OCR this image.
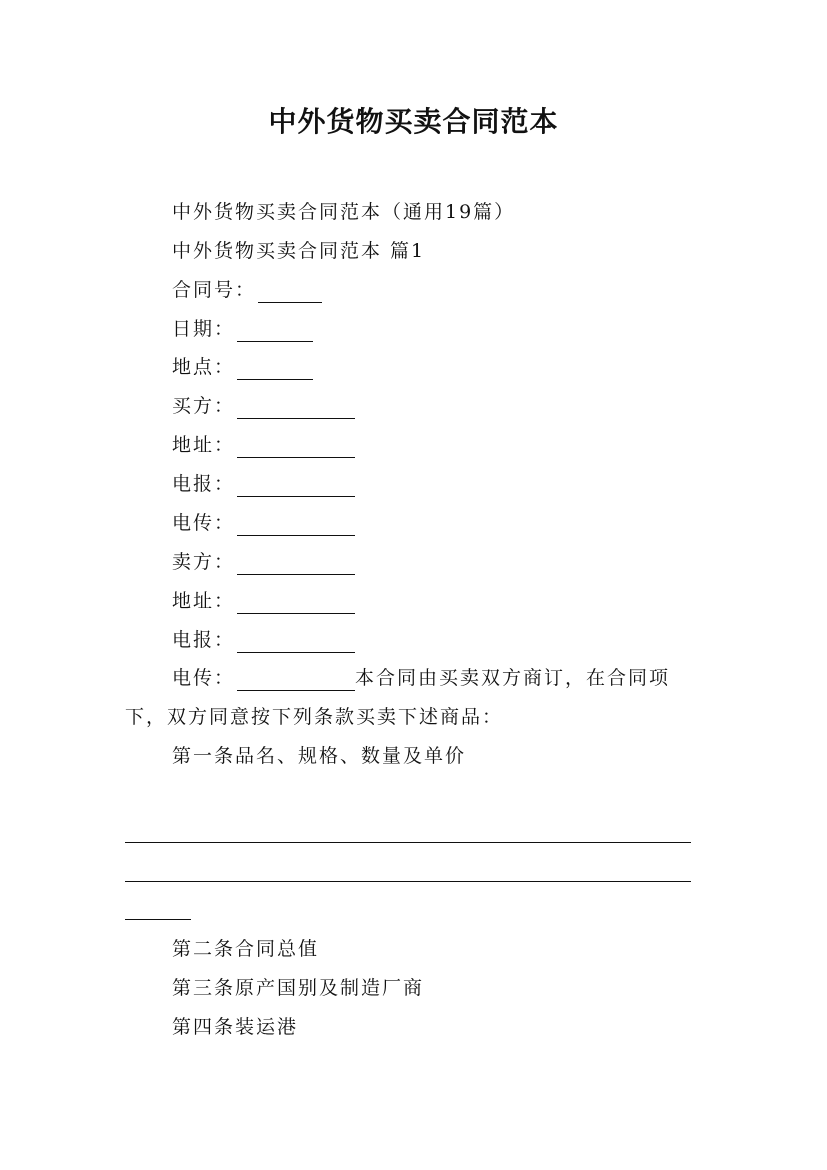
中外货物买卖合同范本
中外货物买卖合同范本（通用19篇）
中外货物买卖合同范本 篇1
合同号：
日期：
地点：
买方：
地址：
电报：
电传：
卖方：
地址：
电报：
电传：	本合同由买卖双方商订，在合同项
下，双方同意按下列条款买卖下述商品：
第一条品名、规格、数量及单价
第二条合同总值
第三条原产国别及制造厂商
第四条装运港
